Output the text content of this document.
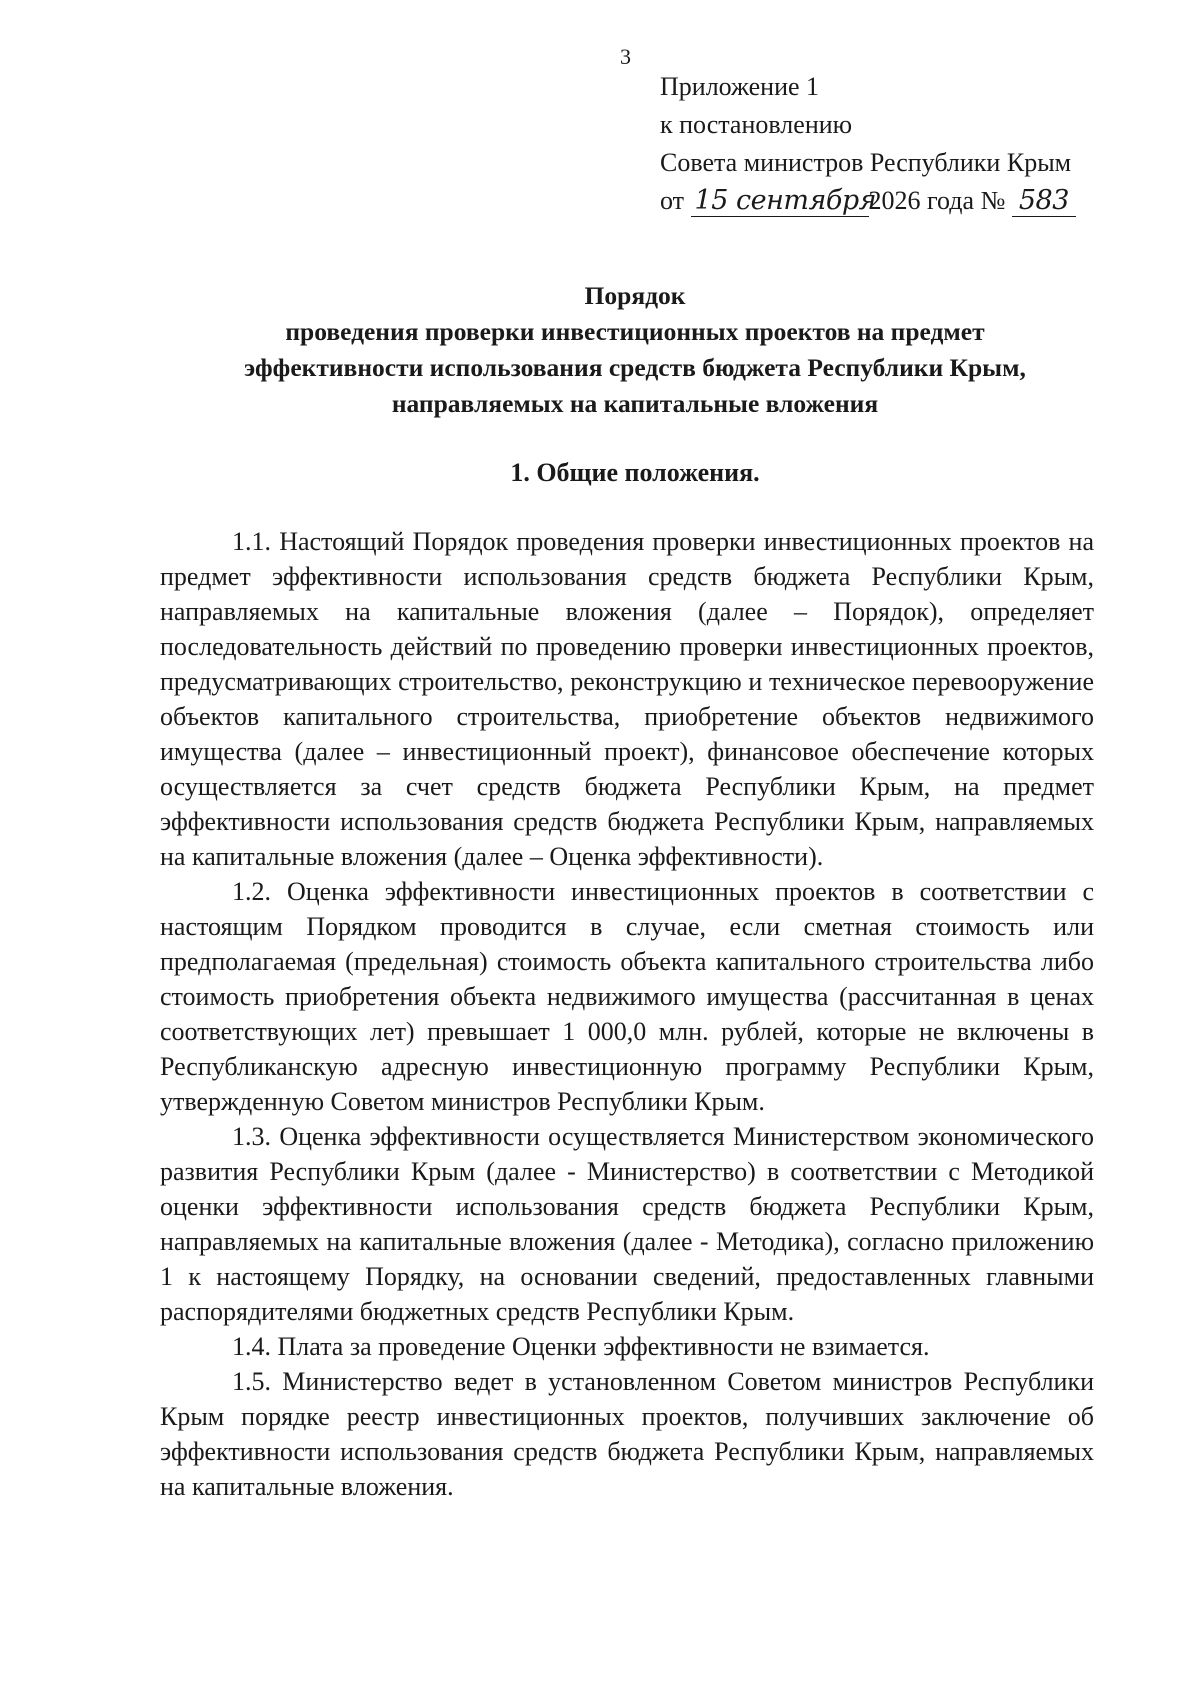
3
Приложение 1
к постановлению
Совета министров Республики Крым
от 15 сентября2026 года № 583
Порядок
проведения проверки инвестиционных проектов на предмет
эффективности использования средств бюджета Республики Крым,
направляемых на капитальные вложения
1. Общие положения.

1.1. Настоящий Порядок проведения проверки инвестиционных проектов на предмет эффективности использования средств бюджета Республики Крым, направляемых на капитальные вложения (далее – Порядок), определяет последовательность действий по проведению проверки инвестиционных проектов, предусматривающих строительство, реконструкцию и техническое перевооружение объектов капитального строительства, приобретение объектов недвижимого имущества (далее – инвестиционный проект), финансовое обеспечение которых осуществляется за счет средств бюджета Республики Крым, на предмет эффективности использования средств бюджета Республики Крым, направляемых на капитальные вложения (далее – Оценка эффективности).

1.2. Оценка эффективности инвестиционных проектов в соответствии с настоящим Порядком проводится в случае, если сметная стоимость или предполагаемая (предельная) стоимость объекта капитального строительства либо стоимость приобретения объекта недвижимого имущества (рассчитанная в ценах соответствующих лет) превышает 1 000,0 млн. рублей, которые не включены в Республиканскую адресную инвестиционную программу Республики Крым, утвержденную Советом министров Республики Крым.

1.3. Оценка эффективности осуществляется Министерством экономического развития Республики Крым (далее - Министерство) в соответствии с Методикой оценки эффективности использования средств бюджета Республики Крым, направляемых на капитальные вложения (далее - Методика), согласно приложению 1 к настоящему Порядку, на основании сведений, предоставленных главными распорядителями бюджетных средств Республики Крым.

1.4. Плата за проведение Оценки эффективности не взимается.

1.5. Министерство ведет в установленном Советом министров Республики Крым порядке реестр инвестиционных проектов, получивших заключение об эффективности использования средств бюджета Республики Крым, направляемых на капитальные вложения.
